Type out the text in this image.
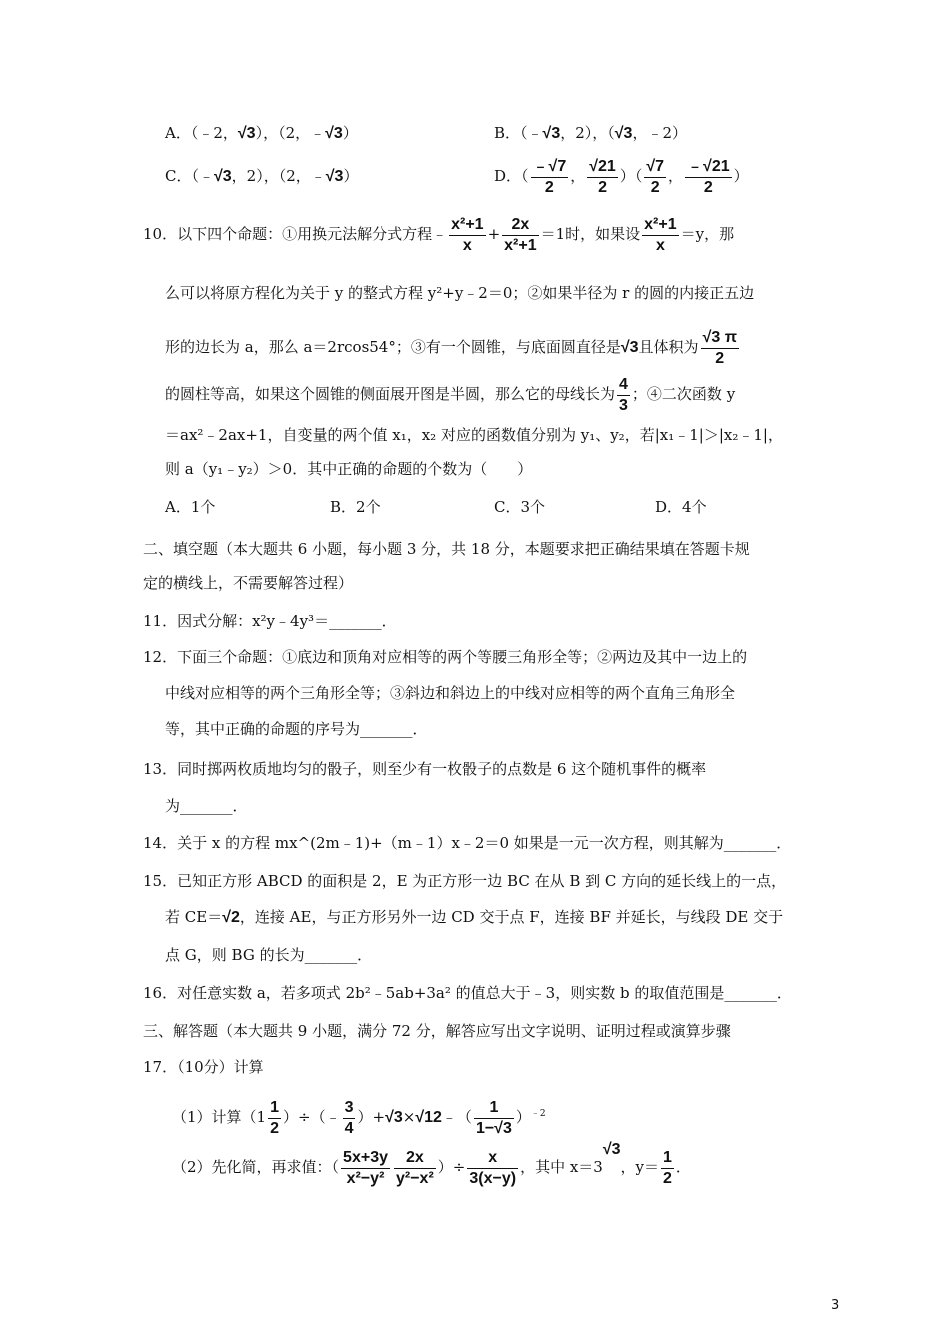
A．（﹣2，√3），（2，﹣√3）	B．（﹣√3，2），（√3，﹣2）
C．（﹣√3，2），（2，﹣√3）	D．（ $\frac{﹣√7}{2}$ ， $\frac{√21}{2}$ ）（ $\frac{√7}{2}$ ， $\frac{﹣√21}{2}$ ）
10．以下四个命题：①用换元法解分式方程﹣ $\frac{\text{x²+1}}{x} + \frac{2x}{\text{x²+1}} =1$时，如果设 $\frac{\text{x²+1}}{x} =y$，那
么可以将原方程化为关于 y 的整式方程 y²+y﹣2＝0；②如果半径为 r 的圆的内接正五边
形的边长为 a，那么 a＝2rcos54°；③有一个圆锥，与底面圆直径是√3且体积为 $\frac{√3 \pi}{2}$
的圆柱等高，如果这个圆锥的侧面展开图是半圆，那么它的母线长为 $\frac{4}{3}$ ；④二次函数 y
＝ax²﹣2ax+1，自变量的两个值 x₁，x₂ 对应的函数值分别为 y₁、y₂，若|x₁﹣1|＞|x₂﹣1|，
则 a（y₁﹣y₂）＞0．其中正确的命题的个数为（　　）
A．1个	B．2个	C．3个	D．4个
二、填空题（本大题共 6 小题，每小题 3 分，共 18 分，本题要求把正确结果填在答题卡规
定的横线上，不需要解答过程）
11．因式分解：x²y﹣4y³＝_______．
12．下面三个命题：①底边和顶角对应相等的两个等腰三角形全等；②两边及其中一边上的
中线对应相等的两个三角形全等；③斜边和斜边上的中线对应相等的两个直角三角形全
等，其中正确的命题的序号为_______．
13．同时掷两枚质地均匀的骰子，则至少有一枚骰子的点数是 6 这个随机事件的概率
为_______．
14．关于 x 的方程 mx^(2m﹣1)+（m﹣1）x﹣2＝0 如果是一元一次方程，则其解为_______．
15．已知正方形 ABCD 的面积是 2，E 为正方形一边 BC 在从 B 到 C 方向的延长线上的一点，
若 CE＝√2，连接 AE，与正方形另外一边 CD 交于点 F，连接 BF 并延长，与线段 DE 交于
点 G，则 BG 的长为_______．
16．对任意实数 a，若多项式 2b²﹣5ab+3a² 的值总大于﹣3，则实数 b 的取值范围是_______．
三、解答题（本大题共 9 小题，满分 72 分，解答应写出文字说明、证明过程或演算步骤
17．（10分）计算
（1）计算（$1 \frac{1}{2}$ ）÷（﹣ $\frac{3}{4}$ ）+√3×√12﹣（ $\frac{1}{1-√3} )^{﹣2}$
（2）先化简，再求值：（ $\frac{5x+3y}{\text{x²−y²}} \frac{2x}{\text{y²−x²}}$ ）÷ $\frac{x}{3(x-y)}$ ，其中 x＝3√3，$y= \frac{1}{2}$ ．
3
